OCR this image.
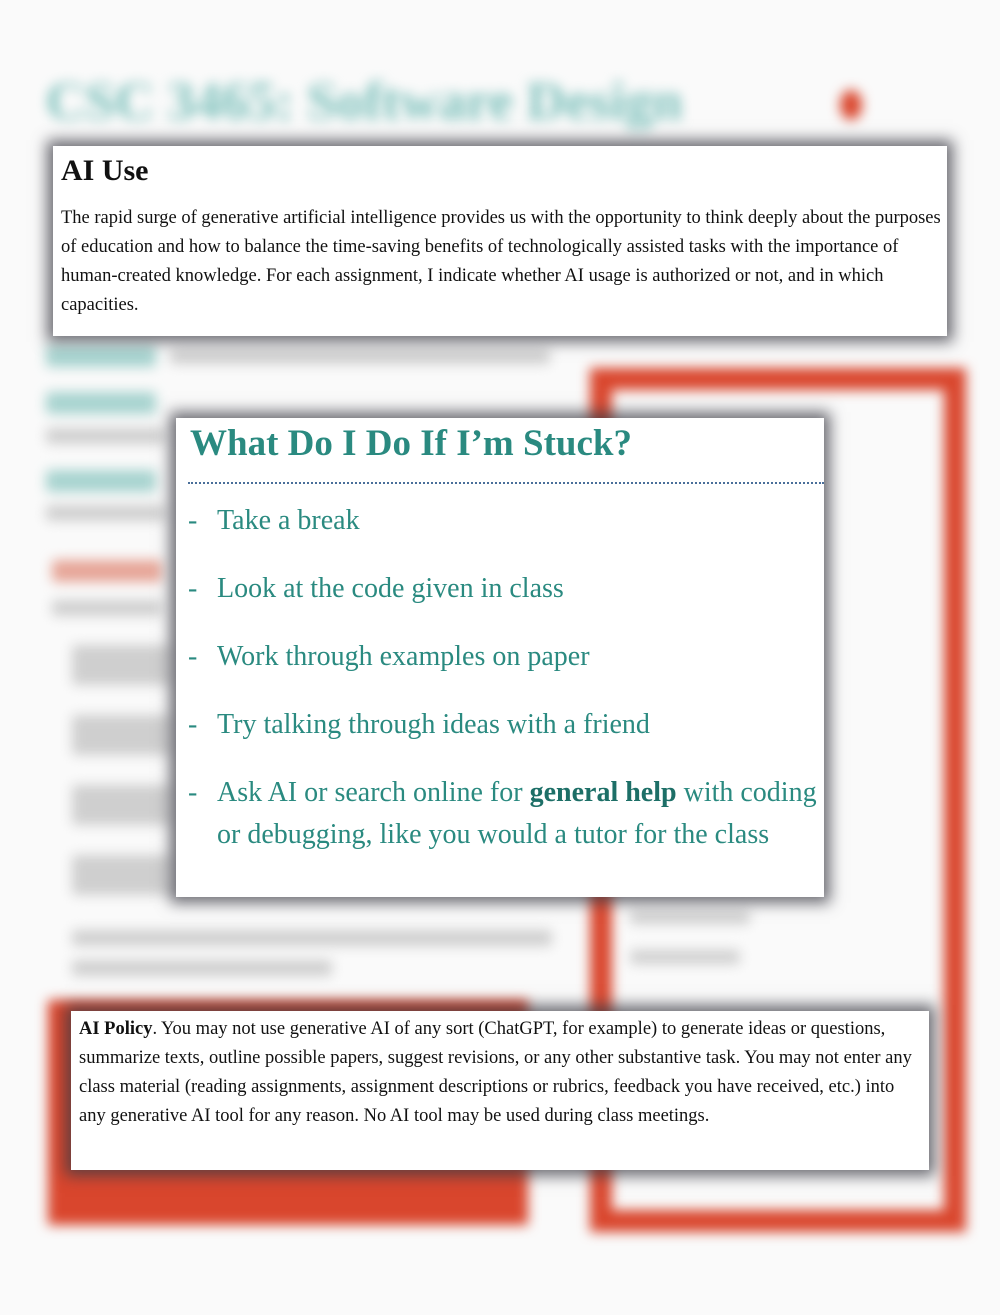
CSC 3465: Software Design
AI Use

The rapid surge of generative artificial intelligence provides us with the opportunity to think deeply about the purposes of education and how to balance the time-saving benefits of technologically assisted tasks with the importance of human-created knowledge. For each assignment, I indicate whether AI usage is authorized or not, and in which capacities.

What Do I Do If I’m Stuck?
- Take a break
- Look at the code given in class
- Work through examples on paper
- Try talking through ideas with a friend
- Ask AI or search online for general help with coding or debugging, like you would a tutor for the class

AI Policy. You may not use generative AI of any sort (ChatGPT, for example) to generate ideas or questions, summarize texts, outline possible papers, suggest revisions, or any other substantive task. You may not enter any class material (reading assignments, assignment descriptions or rubrics, feedback you have received, etc.) into any generative AI tool for any reason. No AI tool may be used during class meetings.
